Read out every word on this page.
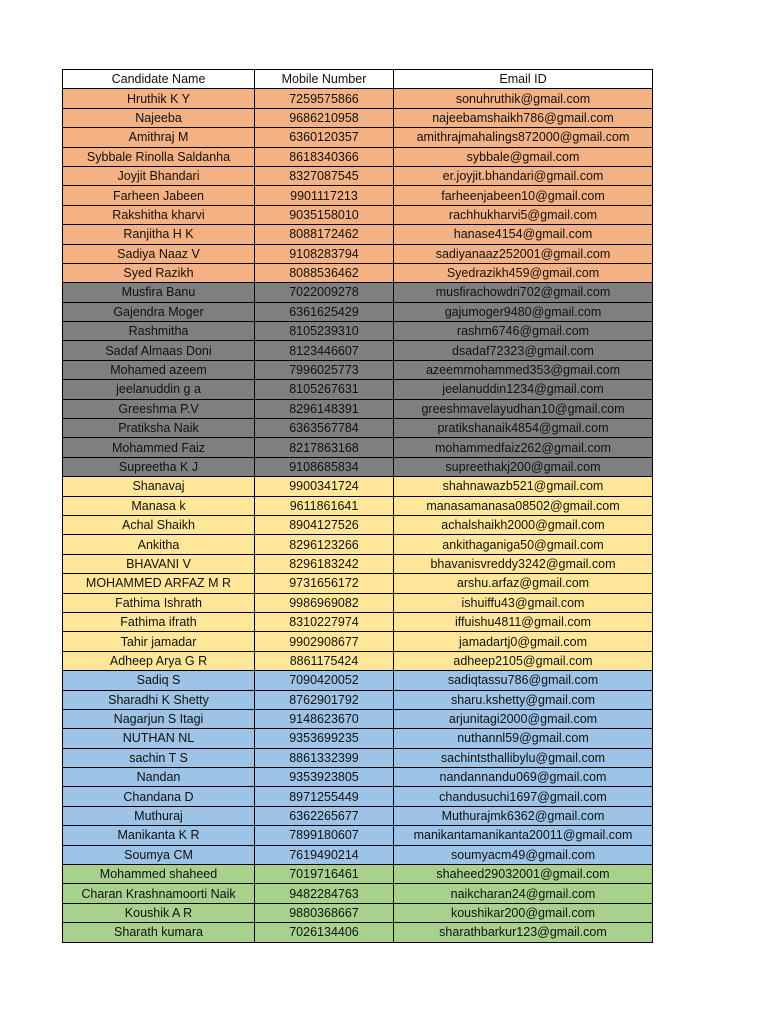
Candidate Name	Mobile Number	Email ID
Hruthik K Y	7259575866	sonuhruthik@gmail.com
Najeeba	9686210958	najeebamshaikh786@gmail.com
Amithraj M	6360120357	amithrajmahalings872000@gmail.com
Sybbale Rinolla Saldanha	8618340366	sybbale@gmail.com
Joyjit Bhandari	8327087545	er.joyjit.bhandari@gmail.com
Farheen Jabeen	9901117213	farheenjabeen10@gmail.com
Rakshitha kharvi	9035158010	rachhukharvi5@gmail.com
Ranjitha H K	8088172462	hanase4154@gmail.com
Sadiya Naaz V	9108283794	sadiyanaaz252001@gmail.com
Syed Razikh	8088536462	Syedrazikh459@gmail.com
Musfira Banu	7022009278	musfirachowdri702@gmail.com
Gajendra Moger	6361625429	gajumoger9480@gmail.com
Rashmitha	8105239310	rashm6746@gmail.com
Sadaf Almaas Doni	8123446607	dsadaf72323@gmail.com
Mohamed azeem	7996025773	azeemmohammed353@gmail.com
jeelanuddin g a	8105267631	jeelanuddin1234@gmail.com
Greeshma P.V	8296148391	greeshmavelayudhan10@gmail.com
Pratiksha Naik	6363567784	pratikshanaik4854@gmail.com
Mohammed Faiz	8217863168	mohammedfaiz262@gmail.com
Supreetha K J	9108685834	supreethakj200@gmail.com
Shanavaj	9900341724	shahnawazb521@gmail.com
Manasa k	9611861641	manasamanasa08502@gmail.com
Achal Shaikh	8904127526	achalshaikh2000@gmail.com
Ankitha	8296123266	ankithaganiga50@gmail.com
BHAVANI V	8296183242	bhavanisvreddy3242@gmail.com
MOHAMMED ARFAZ M R	9731656172	arshu.arfaz@gmail.com
Fathima Ishrath	9986969082	ishuiffu43@gmail.com
Fathima ifrath	8310227974	iffuishu4811@gmail.com
Tahir jamadar	9902908677	jamadartj0@gmail.com
Adheep Arya G R	8861175424	adheep2105@gmail.com
Sadiq S	7090420052	sadiqtassu786@gmail.com
Sharadhi K Shetty	8762901792	sharu.kshetty@gmail.com
Nagarjun S Itagi	9148623670	arjunitagi2000@gmail.com
NUTHAN NL	9353699235	nuthannl59@gmail.com
sachin T S	8861332399	sachintsthallibylu@gmail.com
Nandan	9353923805	nandannandu069@gmail.com
Chandana D	8971255449	chandusuchi1697@gmail.com
Muthuraj	6362265677	Muthurajmk6362@gmail.com
Manikanta K R	7899180607	manikantamanikanta20011@gmail.com
Soumya CM	7619490214	soumyacm49@gmail.com
Mohammed shaheed	7019716461	shaheed29032001@gmail.com
Charan Krashnamoorti Naik	9482284763	naikcharan24@gmail.com
Koushik A R	9880368667	koushikar200@gmail.com
Sharath kumara	7026134406	sharathbarkur123@gmail.com
